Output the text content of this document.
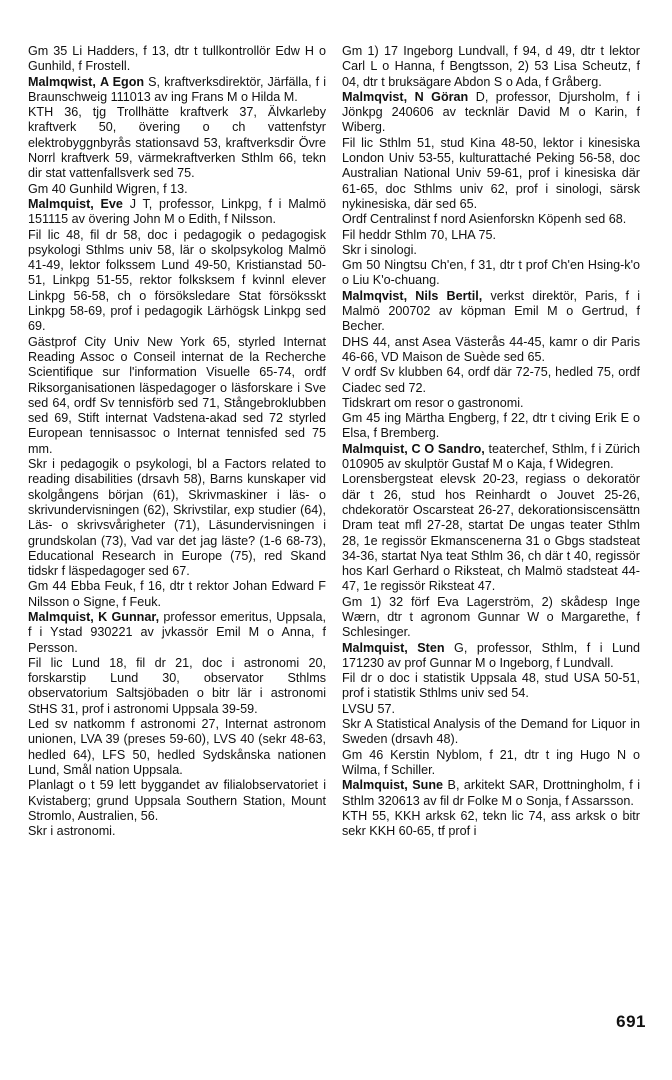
Gm 35 Li Hadders, f 13, dtr t tullkontrollör Edw H o Gunhild, f Frostell.

Malmqwist, A Egon S, kraftverksdirektör, Järfälla, f i Braunschweig 111013 av ing Frans M o Hilda M.

KTH 36, tjg Trollhätte kraftverk 37, Älvkarleby kraftverk 50, övering o ch vattenfstyr elektrobyggnbyrås stationsavd 53, kraftverksdir Övre Norrl kraftverk 59, värmekraftverken Sthlm 66, tekn dir stat vattenfallsverk sed 75.

Gm 40 Gunhild Wigren, f 13.

Malmquist, Eve J T, professor, Linkpg, f i Malmö 151115 av övering John M o Edith, f Nilsson.

Fil lic 48, fil dr 58, doc i pedagogik o pedagogisk psykologi Sthlms univ 58, lär o skolpsykolog Malmö 41-49, lektor folkssem Lund 49-50, Kristianstad 50-51, Linkpg 51-55, rektor folksksem f kvinnl elever Linkpg 56-58, ch o försöksledare Stat försöksskt Linkpg 58-69, prof i pedagogik Lärhögsk Linkpg sed 69.

Gästprof City Univ New York 65, styrled Internat Reading Assoc o Conseil internat de la Recherche Scientifique sur l'information Visuelle 65-74, ordf Riksorganisationen läspedagoger o läsforskare i Sve sed 64, ordf Sv tennisförb sed 71, Stångebroklubben sed 69, Stift internat Vadstena-akad sed 72 styrled European tennisassoc o Internat tennisfed sed 75 mm.

Skr i pedagogik o psykologi, bl a Factors related to reading disabilities (drsavh 58), Barns kunskaper vid skolgångens början (61), Skrivmaskiner i läs- o skrivundervisningen (62), Skrivstilar, exp studier (64), Läs- o skrivsvårigheter (71), Läsundervisningen i grundskolan (73), Vad var det jag läste? (1-6 68-73), Educational Research in Europe (75), red Skand tidskr f läspedagoger sed 67.

Gm 44 Ebba Feuk, f 16, dtr t rektor Johan Edward F Nilsson o Signe, f Feuk.

Malmquist, K Gunnar, professor emeritus, Uppsala, f i Ystad 930221 av jvkassör Emil M o Anna, f Persson.

Fil lic Lund 18, fil dr 21, doc i astronomi 20, forskarstip Lund 30, observator Sthlms observatorium Saltsjöbaden o bitr lär i astronomi StHS 31, prof i astronomi Uppsala 39-59.

Led sv natkomm f astronomi 27, Internat astronom unionen, LVA 39 (preses 59-60), LVS 40 (sekr 48-63, hedled 64), LFS 50, hedled Sydskånska nationen Lund, Smål nation Uppsala.

Planlagt o t 59 lett byggandet av filialobservatoriet i Kvistaberg; grund Uppsala Southern Station, Mount Stromlo, Australien, 56.

Skr i astronomi.

Gm 1) 17 Ingeborg Lundvall, f 94, d 49, dtr t lektor Carl L o Hanna, f Bengtsson, 2) 53 Lisa Scheutz, f 04, dtr t bruksägare Abdon S o Ada, f Gråberg.

Malmqvist, N Göran D, professor, Djursholm, f i Jönkpg 240606 av tecknlär David M o Karin, f Wiberg.

Fil lic Sthlm 51, stud Kina 48-50, lektor i kinesiska London Univ 53-55, kulturattaché Peking 56-58, doc Australian National Univ 59-61, prof i kinesiska där 61-65, doc Sthlms univ 62, prof i sinologi, särsk nykinesiska, där sed 65.

Ordf Centralinst f nord Asienforskn Köpenh sed 68.

Fil heddr Sthlm 70, LHA 75.

Skr i sinologi.

Gm 50 Ningtsu Ch'en, f 31, dtr t prof Ch'en Hsing-k'o o Liu K'o-chuang.

Malmqvist, Nils Bertil, verkst direktör, Paris, f i Malmö 200702 av köpman Emil M o Gertrud, f Becher.

DHS 44, anst Asea Västerås 44-45, kamr o dir Paris 46-66, VD Maison de Suède sed 65.

V ordf Sv klubben 64, ordf där 72-75, hedled 75, ordf Ciadec sed 72.

Tidskrart om resor o gastronomi.

Gm 45 ing Märtha Engberg, f 22, dtr t civing Erik E o Elsa, f Bremberg.

Malmquist, C O Sandro, teaterchef, Sthlm, f i Zürich 010905 av skulptör Gustaf M o Kaja, f Widegren.

Lorensbergsteat elevsk 20-23, regiass o dekoratör där t 26, stud hos Reinhardt o Jouvet 25-26, chdekoratör Oscarsteat 26-27, dekorationsiscensättn Dram teat mfl 27-28, startat De ungas teater Sthlm 28, 1e regissör Ekmanscenerna 31 o Gbgs stadsteat 34-36, startat Nya teat Sthlm 36, ch där t 40, regissör hos Karl Gerhard o Riksteat, ch Malmö stadsteat 44-47, 1e regissör Riksteat 47.

Gm 1) 32 förf Eva Lagerström, 2) skådesp Inge Wærn, dtr t agronom Gunnar W o Margarethe, f Schlesinger.

Malmquist, Sten G, professor, Sthlm, f i Lund 171230 av prof Gunnar M o Ingeborg, f Lundvall.

Fil dr o doc i statistik Uppsala 48, stud USA 50-51, prof i statistik Sthlms univ sed 54.

LVSU 57.

Skr A Statistical Analysis of the Demand for Liquor in Sweden (drsavh 48).

Gm 46 Kerstin Nyblom, f 21, dtr t ing Hugo N o Wilma, f Schiller.

Malmquist, Sune B, arkitekt SAR, Drottningholm, f i Sthlm 320613 av fil dr Folke M o Sonja, f Assarsson.

KTH 55, KKH arksk 62, tekn lic 74, ass arksk o bitr sekr KKH 60-65, tf prof i

691
